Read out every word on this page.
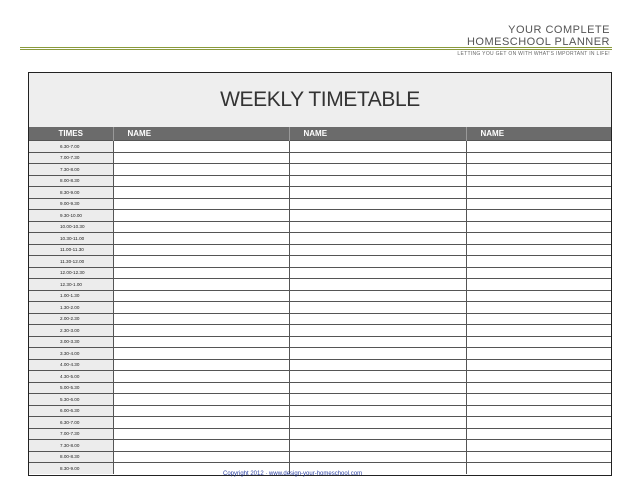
YOUR COMPLETE
HOMESCHOOL PLANNER
LETTING YOU GET ON WITH WHAT'S IMPORTANT IN LIFE!
WEEKLY TIMETABLE
TIMES	NAME	NAME	NAME
6.30-7.00			
7.00-7.30			
7.30-8.00			
8.00-8.30			
8.30-9.00			
9.00-9.30			
9.30-10.00			
10.00-10.30			
10.30-11.00			
11.00-11.30			
11.30-12.00			
12.00-12.30			
12.30-1.00			
1.00-1.30			
1.30-2.00			
2.00-2.30			
2.30-3.00			
3.00-3.30			
3.30-4.00			
4.00-4.30			
4.30-5.00			
5.00-5.30			
5.30-6.00			
6.00-6.30			
6.30-7.00			
7.00-7.30			
7.30-8.00			
8.00-8.30			
8.30-9.00			
Copyright 2012 · www.design-your-homeschool.com
